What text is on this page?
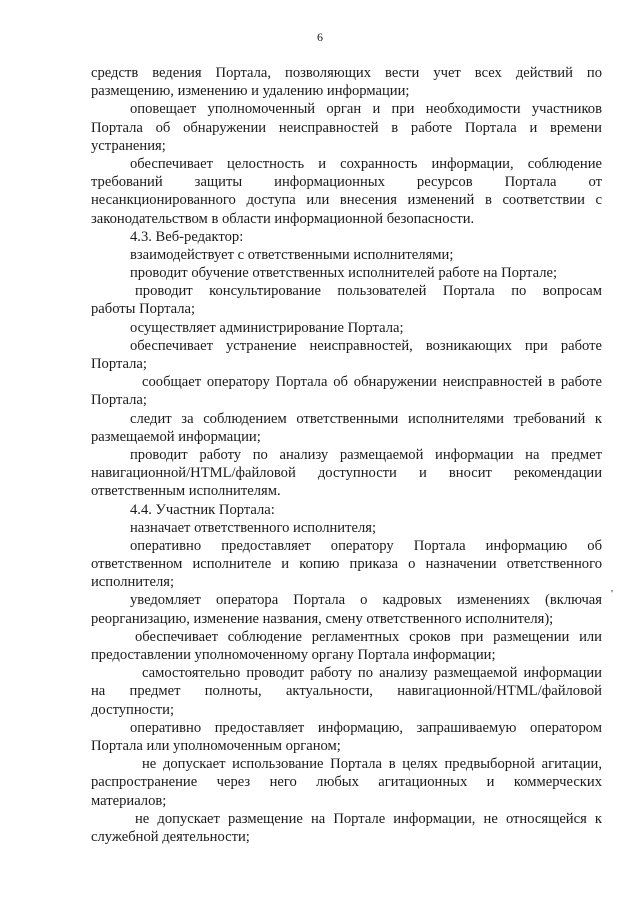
6
средств ведения Портала, позволяющих вести учет всех действий по
размещению, изменению и удалению информации;
оповещает уполномоченный орган и при необходимости участников
Портала об обнаружении неисправностей в работе Портала и времени
устранения;
обеспечивает целостность и сохранность информации, соблюдение
требований защиты информационных ресурсов Портала от
несанкционированного доступа или внесения изменений в соответствии с
законодательством в области информационной безопасности.
4.3. Веб-редактор:
взаимодействует с ответственными исполнителями;
проводит обучение ответственных исполнителей работе на Портале;
проводит консультирование пользователей Портала по вопросам
работы Портала;
осуществляет администрирование Портала;
обеспечивает устранение неисправностей, возникающих при работе
Портала;
сообщает оператору Портала об обнаружении неисправностей в работе
Портала;
следит за соблюдением ответственными исполнителями требований к
размещаемой информации;
проводит работу по анализу размещаемой информации на предмет
навигационной/HTML/файловой доступности и вносит рекомендации
ответственным исполнителям.
4.4. Участник Портала:
назначает ответственного исполнителя;
оперативно предоставляет оператору Портала информацию об
ответственном исполнителе и копию приказа о назначении ответственного
исполнителя;
уведомляет оператора Портала о кадровых изменениях (включая
реорганизацию, изменение названия, смену ответственного исполнителя);
обеспечивает соблюдение регламентных сроков при размещении или
предоставлении уполномоченному органу Портала информации;
самостоятельно проводит работу по анализу размещаемой информации
на предмет полноты, актуальности, навигационной/HTML/файловой
доступности;
оперативно предоставляет информацию, запрашиваемую оператором
Портала или уполномоченным органом;
не допускает использование Портала в целях предвыборной агитации,
распространение через него любых агитационных и коммерческих
материалов;
не допускает размещение на Портале информации, не относящейся к
служебной деятельности;
'
